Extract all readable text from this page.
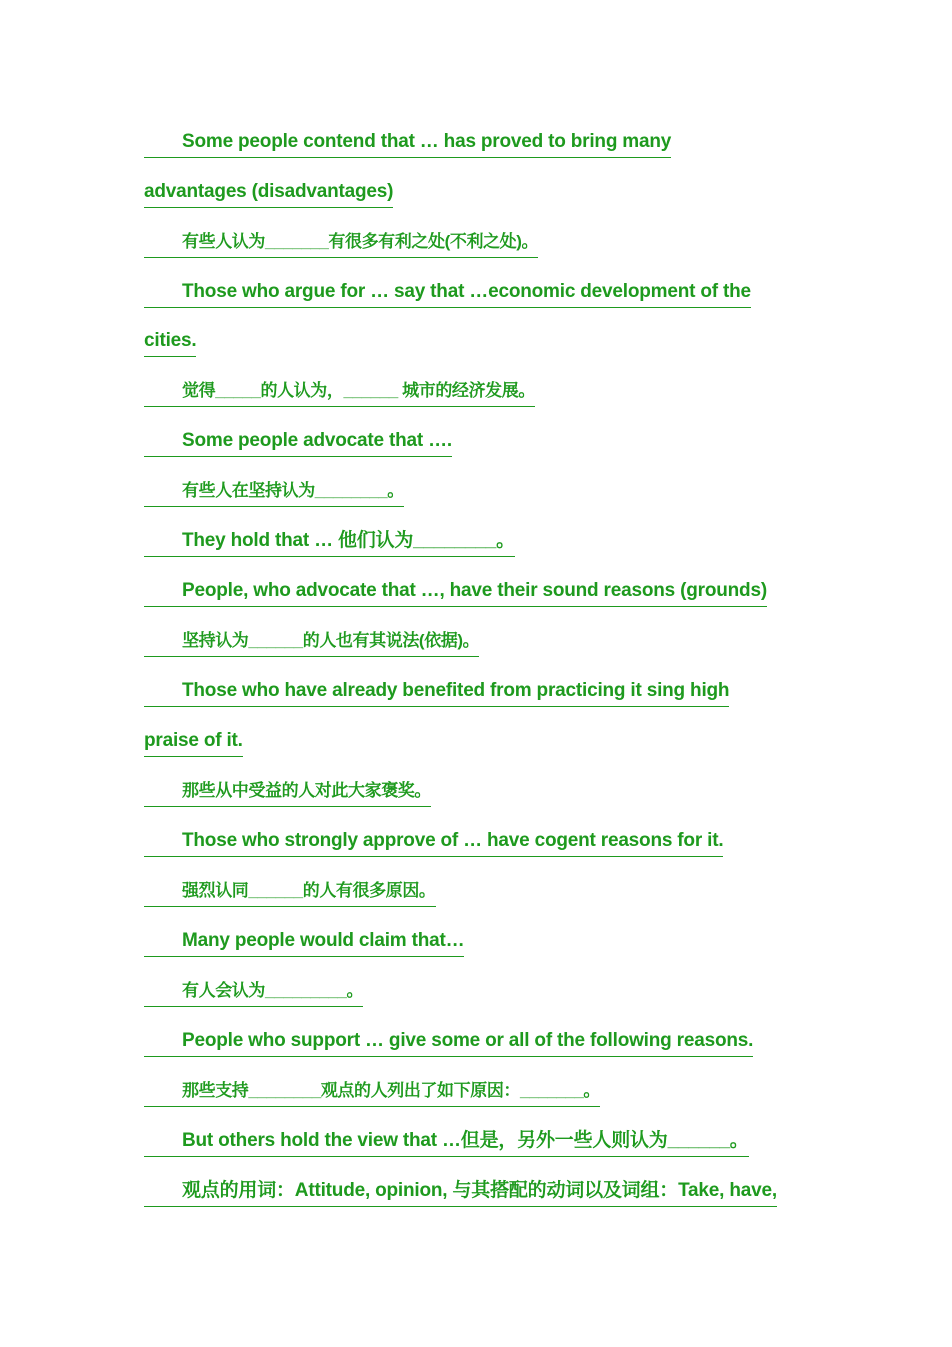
Some people contend that … has proved to bring many
advantages (disadvantages)
有些人认为_______有很多有利之处(不利之处)。
Those who argue for … say that …economic development of the
cities.
觉得_____的人认为，______ 城市的经济发展。
Some people advocate that ….
有些人在坚持认为________。
They hold that … 他们认为________。
People, who advocate that …, have their sound reasons (grounds)
坚持认为______的人也有其说法(依据)。
Those who have already benefited from practicing it sing high
praise of it.
那些从中受益的人对此大家褒奖。
Those who strongly approve of … have cogent reasons for it.
强烈认同______的人有很多原因。
Many people would claim that…
有人会认为_________。
People who support … give some or all of the following reasons.
那些支持________观点的人列出了如下原因：_______。
But others hold the view that …但是，另外一些人则认为______。
观点的用词：Attitude, opinion, 与其搭配的动词以及词组：Take, have,
